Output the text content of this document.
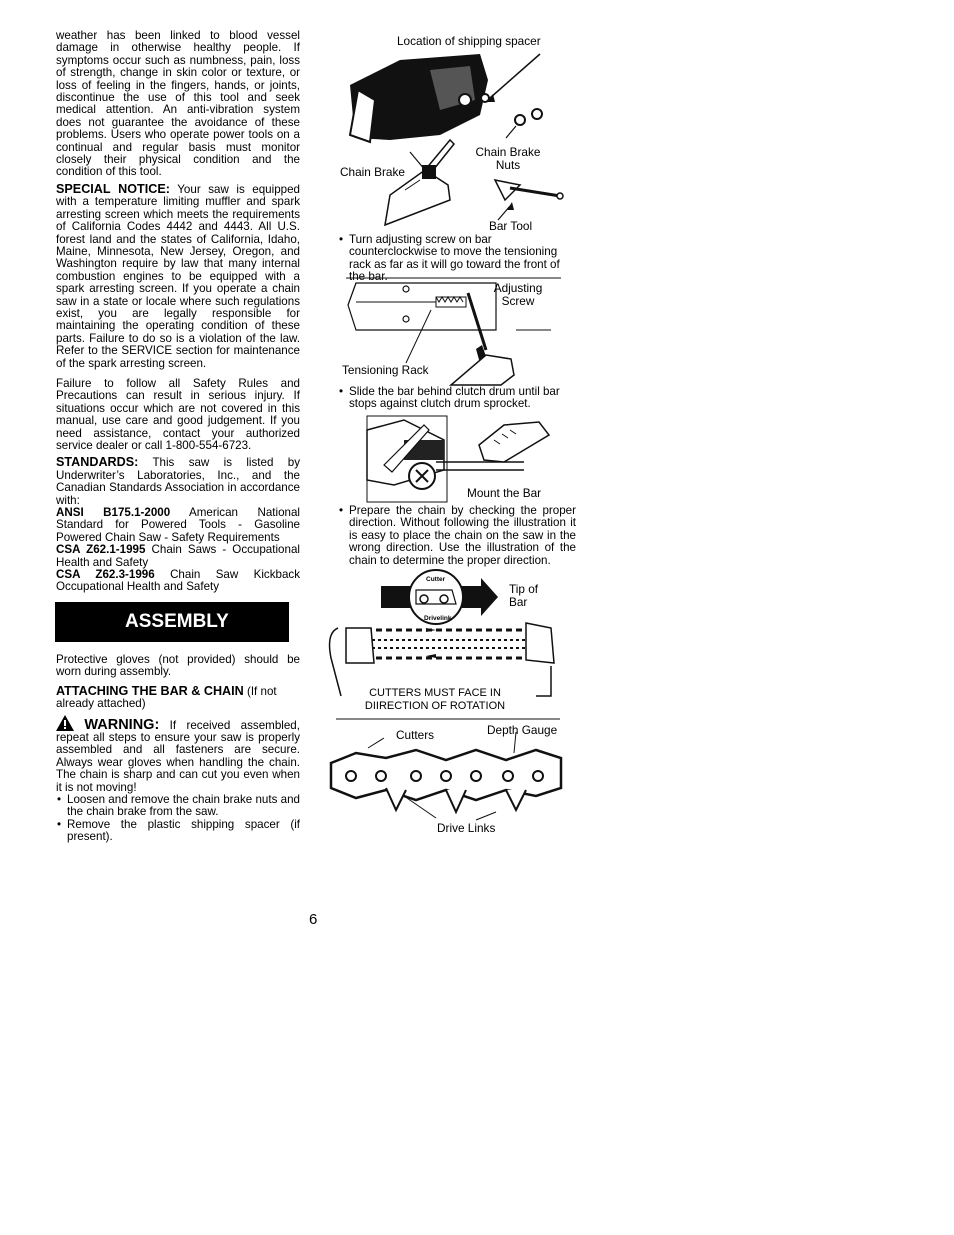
weather has been linked to blood vessel damage in otherwise healthy people. If symptoms occur such as numbness, pain, loss of strength, change in skin color or texture, or loss of feeling in the fingers, hands, or joints, discontinue the use of this tool and seek medical attention. An anti-vibration system does not guarantee the avoidance of these problems. Users who operate power tools on a continual and regular basis must monitor closely their physical condition and the condition of this tool.

SPECIAL NOTICE: Your saw is equipped with a temperature limiting muffler and spark arresting screen which meets the requirements of California Codes 4442 and 4443. All U.S. forest land and the states of California, Idaho, Maine, Minnesota, New Jersey, Oregon, and Washington require by law that many internal combustion engines to be equipped with a spark arresting screen. If you operate a chain saw in a state or locale where such regulations exist, you are legally responsible for maintaining the operating condition of these parts. Failure to do so is a violation of the law. Refer to the SERVICE section for maintenance of the spark arresting screen.

Failure to follow all Safety Rules and Precautions can result in serious injury. If situations occur which are not covered in this manual, use care and good judgement. If you need assistance, contact your authorized service dealer or call 1-800-554-6723.

STANDARDS: This saw is listed by Underwriter’s Laboratories, Inc., and the Canadian Standards Association in accordance with:

ANSI B175.1-2000 American National Standard for Powered Tools - Gasoline Powered Chain Saw - Safety Requirements

CSA Z62.1-1995 Chain Saws - Occupational Health and Safety

CSA Z62.3-1996 Chain Saw Kickback Occupational Health and Safety

ASSEMBLY

Protective gloves (not provided) should be worn during assembly.

ATTACHING THE BAR & CHAIN (If not already attached)

WARNING: If received assembled, repeat all steps to ensure your saw is properly assembled and all fasteners are secure. Always wear gloves when handling the chain. The chain is sharp and can cut you even when it is not moving!

• Loosen and remove the chain brake nuts and the chain brake from the saw.
• Remove the plastic shipping spacer (if present).
Location of shipping spacer
Chain Brake Nuts
Chain Brake
Bar Tool
• Turn adjusting screw on bar counterclockwise to move the tensioning rack as far as it will go toward the front of the bar.
Adjusting Screw
Tensioning Rack
• Slide the bar behind clutch drum until bar stops against clutch drum sprocket.
Mount the Bar
• Prepare the chain by checking the proper direction. Without following the illustration it is easy to place the chain on the saw in the wrong direction. Use the illustration of the chain to determine the proper direction.
Cutter
Drivelink
Tip of Bar
CUTTERS MUST FACE IN DIIRECTION OF ROTATION
Cutters	Depth Gauge
Drive Links
6
